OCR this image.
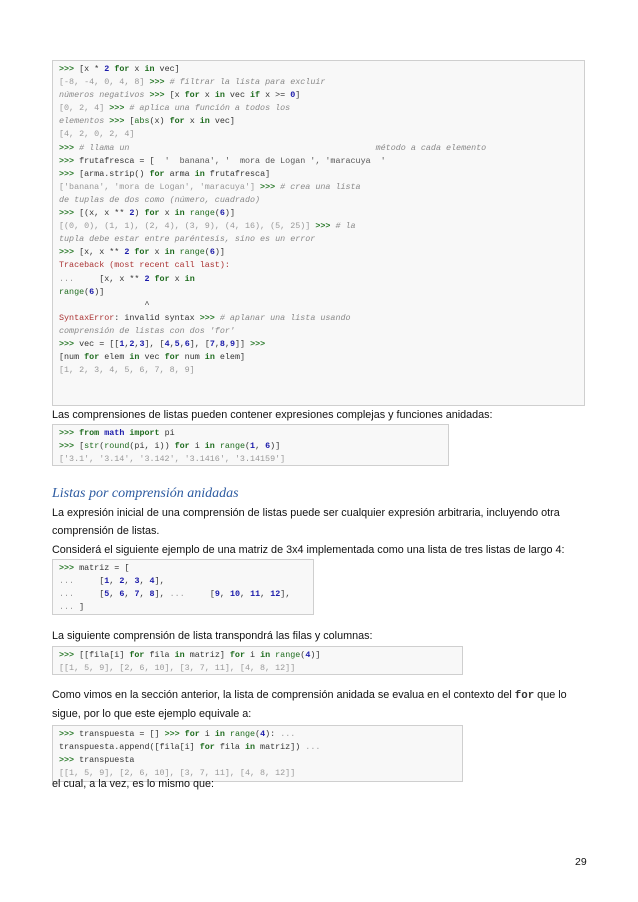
>>> [x * 2 for x in vec]
[-8, -4, 0, 4, 8] >>> # filtrar la lista para excluir
números negativos >>> [x for x in vec if x >= 0]
[0, 2, 4] >>> # aplica una función a todos los
elementos >>> [abs(x) for x in vec]
[4, 2, 0, 2, 4]
>>> # llama un                                                 método a cada elemento
>>> frutafresca = [  '  banana', '  mora de Logan ', 'maracuya  '
>>> [arma.strip() for arma in frutafresca]
['banana', 'mora de Logan', 'maracuya'] >>> # crea una lista
de tuplas de dos como (número, cuadrado)
>>> [(x, x ** 2) for x in range(6)]
[(0, 0), (1, 1), (2, 4), (3, 9), (4, 16), (5, 25)] >>> # la
tupla debe estar entre paréntesis, sino es un error
>>> [x, x ** 2 for x in range(6)]
Traceback (most recent call last):
...     [x, x ** 2 for x in
range(6)]
^
SyntaxError: invalid syntax >>> # aplanar una lista usando
comprensión de listas con dos 'for'
>>> vec = [[1,2,3], [4,5,6], [7,8,9]] >>>
[num for elem in vec for num in elem]
[1, 2, 3, 4, 5, 6, 7, 8, 9]
Las comprensiones de listas pueden contener expresiones complejas y funciones anidadas:
>>> from math import pi
>>> [str(round(pi, i)) for i in range(1, 6)]
['3.1', '3.14', '3.142', '3.1416', '3.14159']
Listas por comprensión anidadas
La expresión inicial de una comprensión de listas puede ser cualquier expresión arbitraria, incluyendo otra comprensión de listas.
Considerá el siguiente ejemplo de una matriz de 3x4 implementada como una lista de tres listas de largo 4:
>>> matriz = [
...     [1, 2, 3, 4],
...     [5, 6, 7, 8], ...     [9, 10, 11, 12],
... ]
La siguiente comprensión de lista transpondrá las filas y columnas:
>>> [[fila[i] for fila in matriz] for i in range(4)]
[[1, 5, 9], [2, 6, 10], [3, 7, 11], [4, 8, 12]]
Como vimos en la sección anterior, la lista de comprensión anidada se evalua en el contexto del for que lo sigue, por lo que este ejemplo equivale a:
>>> transpuesta = [] >>> for i in range(4): ...
transpuesta.append([fila[i] for fila in matriz]) ...
>>> transpuesta
[[1, 5, 9], [2, 6, 10], [3, 7, 11], [4, 8, 12]]
el cual, a la vez, es lo mismo que:
29
